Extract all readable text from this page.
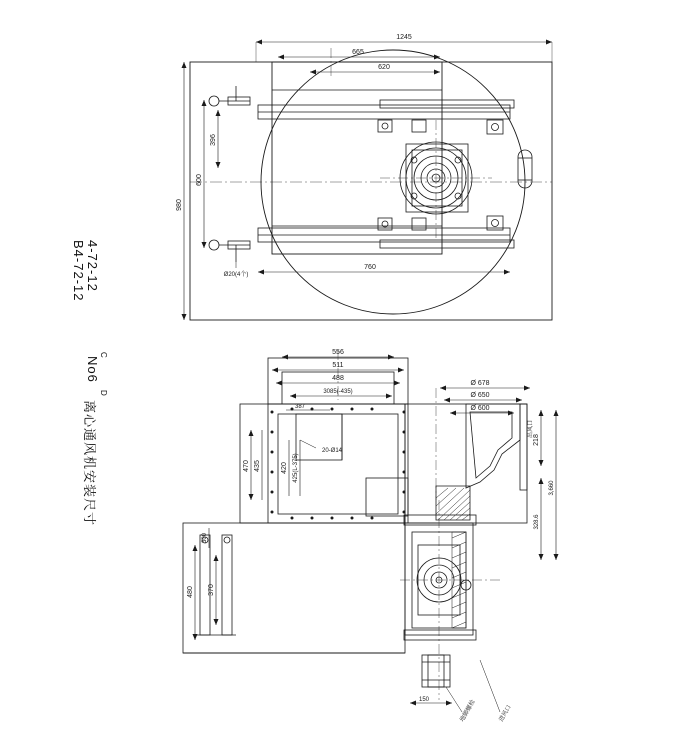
4-72-12
B4-72-12
C
No6
D
离心通风机安装尺寸
1245
665
620
980
600
396
760
Ø20(4个)
556
511
488
3085(-435)
387
20-Ø14
470 435	420 425(L-375)
300
370
480
Ø 678
Ø 650
Ø 600
出风口
218
328.6
3,660
150	地脚螺栓	进风口
